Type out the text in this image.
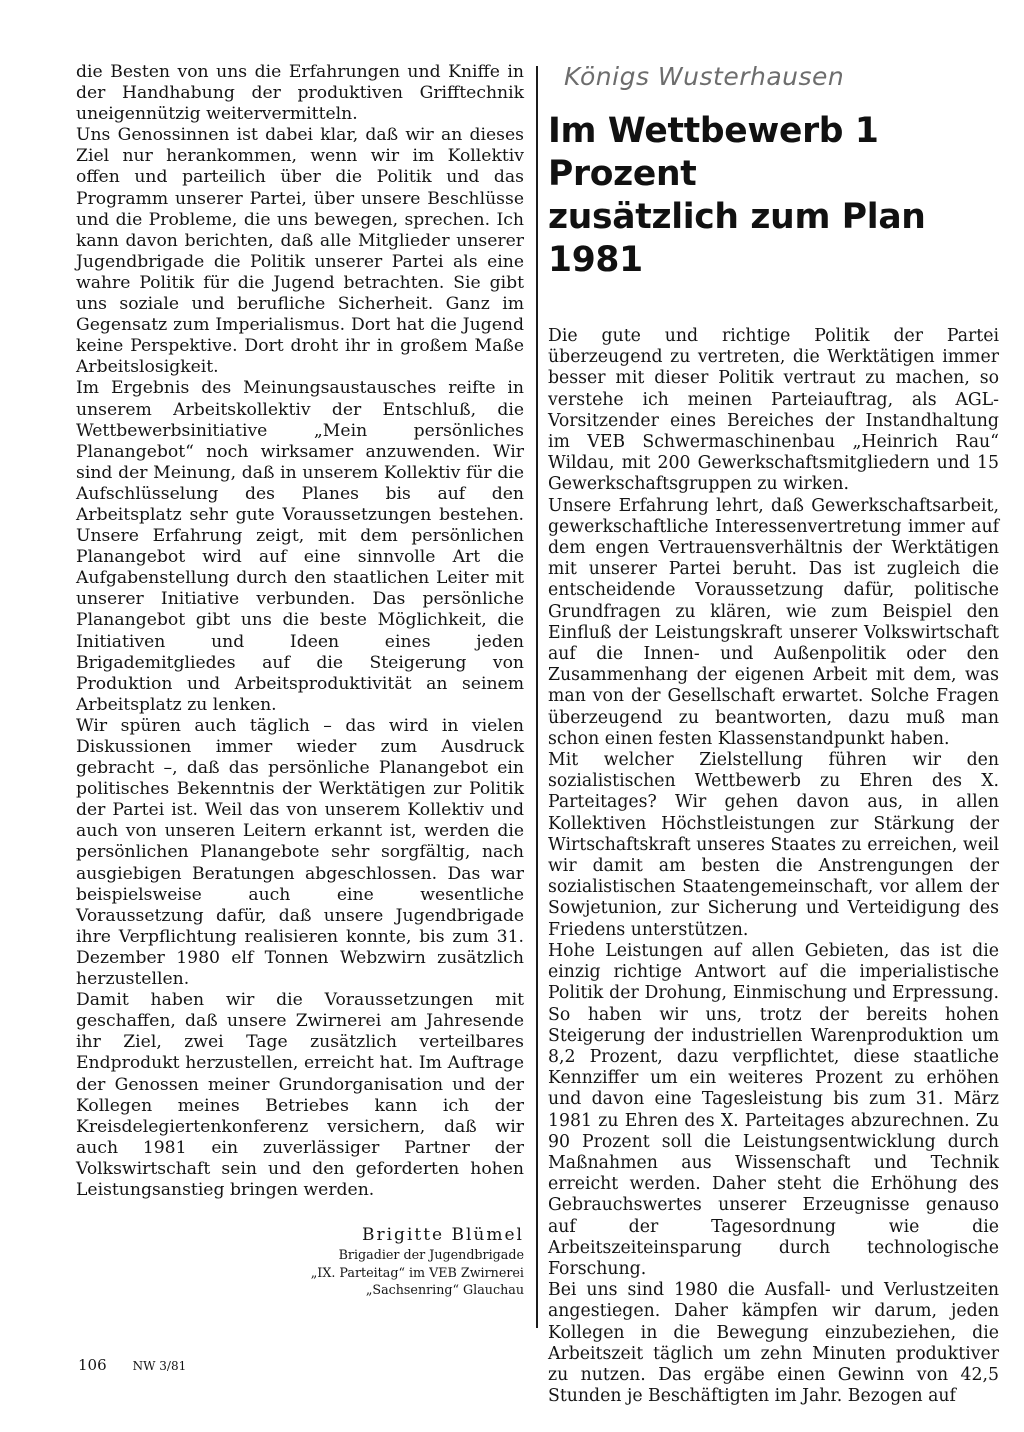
die Besten von uns die Erfahrungen und Kniffe in der Handhabung der produktiven Grifftechnik uneigennützig weitervermitteln.

Uns Genossinnen ist dabei klar, daß wir an dieses Ziel nur herankommen, wenn wir im Kollektiv offen und parteilich über die Politik und das Programm unserer Partei, über unsere Beschlüsse und die Probleme, die uns bewegen, sprechen. Ich kann davon berichten, daß alle Mitglieder unserer Jugendbrigade die Politik unserer Partei als eine wahre Politik für die Jugend betrachten. Sie gibt uns soziale und berufliche Sicherheit. Ganz im Gegensatz zum Imperialismus. Dort hat die Jugend keine Perspektive. Dort droht ihr in großem Maße Arbeitslosigkeit.

Im Ergebnis des Meinungsaustausches reifte in unserem Arbeitskollektiv der Entschluß, die Wettbewerbsinitiative „Mein persönliches Planangebot“ noch wirksamer anzuwenden. Wir sind der Meinung, daß in unserem Kollektiv für die Aufschlüsselung des Planes bis auf den Arbeitsplatz sehr gute Voraussetzungen bestehen. Unsere Erfahrung zeigt, mit dem persönlichen Planangebot wird auf eine sinnvolle Art die Aufgabenstellung durch den staatlichen Leiter mit unserer Initiative verbunden. Das persönliche Planangebot gibt uns die beste Möglichkeit, die Initiativen und Ideen eines jeden Brigademitgliedes auf die Steigerung von Produktion und Arbeitsproduktivität an seinem Arbeitsplatz zu lenken.

Wir spüren auch täglich – das wird in vielen Diskussionen immer wieder zum Ausdruck gebracht –, daß das persönliche Planangebot ein politisches Bekenntnis der Werktätigen zur Politik der Partei ist. Weil das von unserem Kollektiv und auch von unseren Leitern erkannt ist, werden die persönlichen Planangebote sehr sorgfältig, nach ausgiebigen Beratungen abgeschlossen. Das war beispielsweise auch eine wesentliche Voraussetzung dafür, daß unsere Jugendbrigade ihre Verpflichtung realisieren konnte, bis zum 31. Dezember 1980 elf Tonnen Webzwirn zusätzlich herzustellen.

Damit haben wir die Voraussetzungen mit geschaffen, daß unsere Zwirnerei am Jahresende ihr Ziel, zwei Tage zusätzlich verteilbares Endprodukt herzustellen, erreicht hat. Im Auftrage der Genossen meiner Grundorganisation und der Kollegen meines Betriebes kann ich der Kreisdelegiertenkonferenz versichern, daß wir auch 1981 ein zuverlässiger Partner der Volkswirtschaft sein und den geforderten hohen Leistungsanstieg bringen werden.

Brigitte Blümel
Brigadier der Jugendbrigade
„IX. Parteitag“ im VEB Zwirnerei
„Sachsenring“ Glauchau
Königs Wusterhausen
Im Wettbewerb 1 Prozent
zusätzlich zum Plan 1981

Die gute und richtige Politik der Partei überzeugend zu vertreten, die Werktätigen immer besser mit dieser Politik vertraut zu machen, so verstehe ich meinen Parteiauftrag, als AGL-Vorsitzender eines Bereiches der Instandhaltung im VEB Schwermaschinenbau „Heinrich Rau“ Wildau, mit 200 Gewerkschaftsmitgliedern und 15 Gewerkschaftsgruppen zu wirken.

Unsere Erfahrung lehrt, daß Gewerkschaftsarbeit, gewerkschaftliche Interessenvertretung immer auf dem engen Vertrauensverhältnis der Werktätigen mit unserer Partei beruht. Das ist zugleich die entscheidende Voraussetzung dafür, politische Grundfragen zu klären, wie zum Beispiel den Einfluß der Leistungskraft unserer Volkswirtschaft auf die Innen- und Außenpolitik oder den Zusammenhang der eigenen Arbeit mit dem, was man von der Gesellschaft erwartet. Solche Fragen überzeugend zu beantworten, dazu muß man schon einen festen Klassenstandpunkt haben.

Mit welcher Zielstellung führen wir den sozialistischen Wettbewerb zu Ehren des X. Parteitages? Wir gehen davon aus, in allen Kollektiven Höchstleistungen zur Stärkung der Wirtschaftskraft unseres Staates zu erreichen, weil wir damit am besten die Anstrengungen der sozialistischen Staatengemeinschaft, vor allem der Sowjetunion, zur Sicherung und Verteidigung des Friedens unterstützen.

Hohe Leistungen auf allen Gebieten, das ist die einzig richtige Antwort auf die imperialistische Politik der Drohung, Einmischung und Erpressung. So haben wir uns, trotz der bereits hohen Steigerung der industriellen Warenproduktion um 8,2 Prozent, dazu verpflichtet, diese staatliche Kennziffer um ein weiteres Prozent zu erhöhen und davon eine Tagesleistung bis zum 31. März 1981 zu Ehren des X. Parteitages abzurechnen. Zu 90 Prozent soll die Leistungsentwicklung durch Maßnahmen aus Wissenschaft und Technik erreicht werden. Daher steht die Erhöhung des Gebrauchswertes unserer Erzeugnisse genauso auf der Tagesordnung wie die Arbeitszeiteinsparung durch technologische Forschung.

Bei uns sind 1980 die Ausfall- und Verlustzeiten angestiegen. Daher kämpfen wir darum, jeden Kollegen in die Bewegung einzubeziehen, die Arbeitszeit täglich um zehn Minuten produktiver zu nutzen. Das ergäbe einen Gewinn von 42,5 Stunden je Beschäftigten im Jahr. Bezogen auf

106 NW 3/81
